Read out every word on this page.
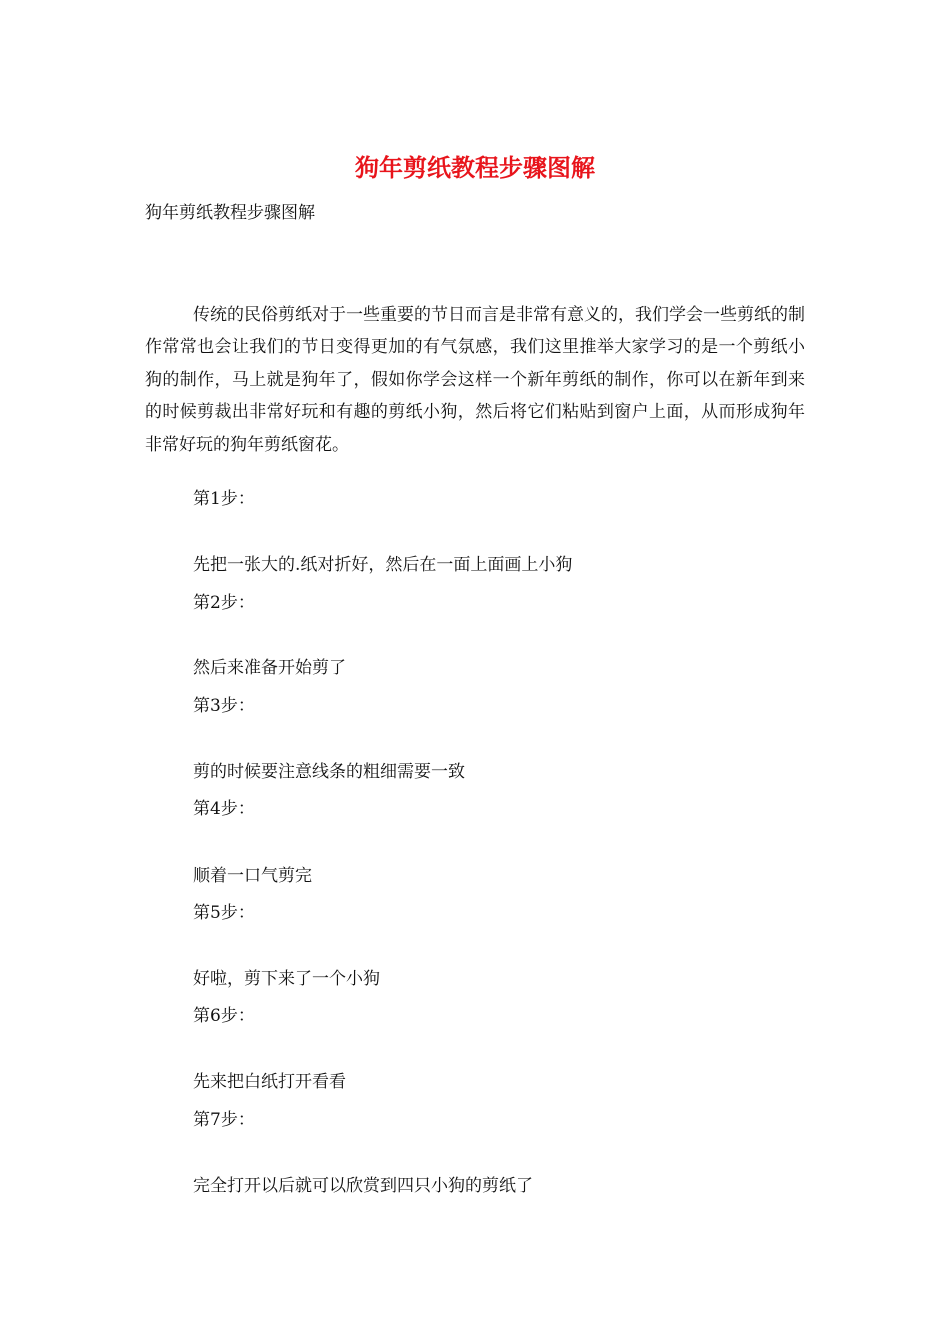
狗年剪纸教程步骤图解
狗年剪纸教程步骤图解

传统的民俗剪纸对于一些重要的节日而言是非常有意义的，我们学会一些剪纸的制作常常也会让我们的节日变得更加的有气氛感，我们这里推举大家学习的是一个剪纸小狗的制作，马上就是狗年了，假如你学会这样一个新年剪纸的制作，你可以在新年到来的时候剪裁出非常好玩和有趣的剪纸小狗，然后将它们粘贴到窗户上面，从而形成狗年非常好玩的狗年剪纸窗花。

第1步：
先把一张大的.纸对折好，然后在一面上面画上小狗
第2步：
然后来准备开始剪了
第3步：
剪的时候要注意线条的粗细需要一致
第4步：
顺着一口气剪完
第5步：
好啦，剪下来了一个小狗
第6步：
先来把白纸打开看看
第7步：
完全打开以后就可以欣赏到四只小狗的剪纸了
